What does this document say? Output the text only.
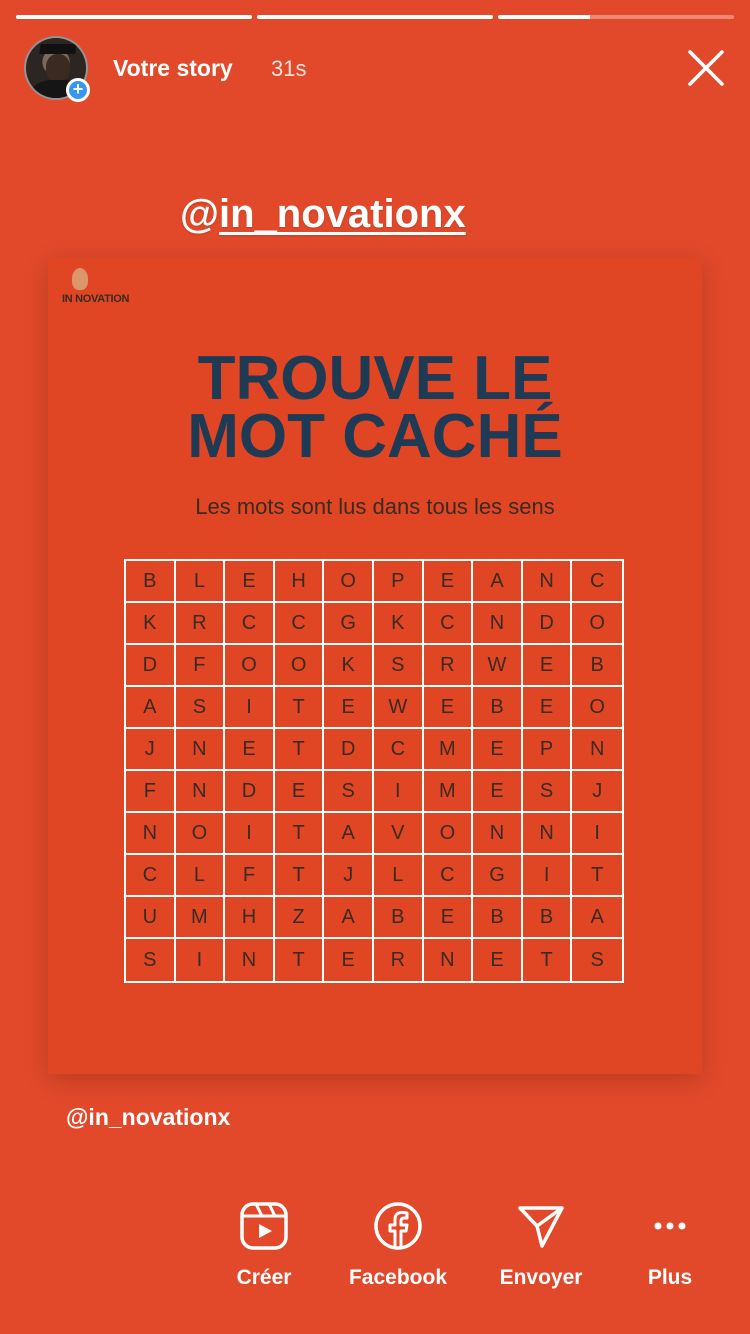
+
Votre story 31s
@in_novationx
IN NOVATION
TROUVE LE
MOT CACHÉ
Les mots sont lus dans tous les sens
B	L	E	H	O	P	E	A	N	C
K	R	C	C	G	K	C	N	D	O
D	F	O	O	K	S	R	W	E	B
A	S	I	T	E	W	E	B	E	O
J	N	E	T	D	C	M	E	P	N
F	N	D	E	S	I	M	E	S	J
N	O	I	T	A	V	O	N	N	I
C	L	F	T	J	L	C	G	I	T
U	M	H	Z	A	B	E	B	B	A
S	I	N	T	E	R	N	E	T	S
@in_novationx
Créer	Facebook	Envoyer	Plus
